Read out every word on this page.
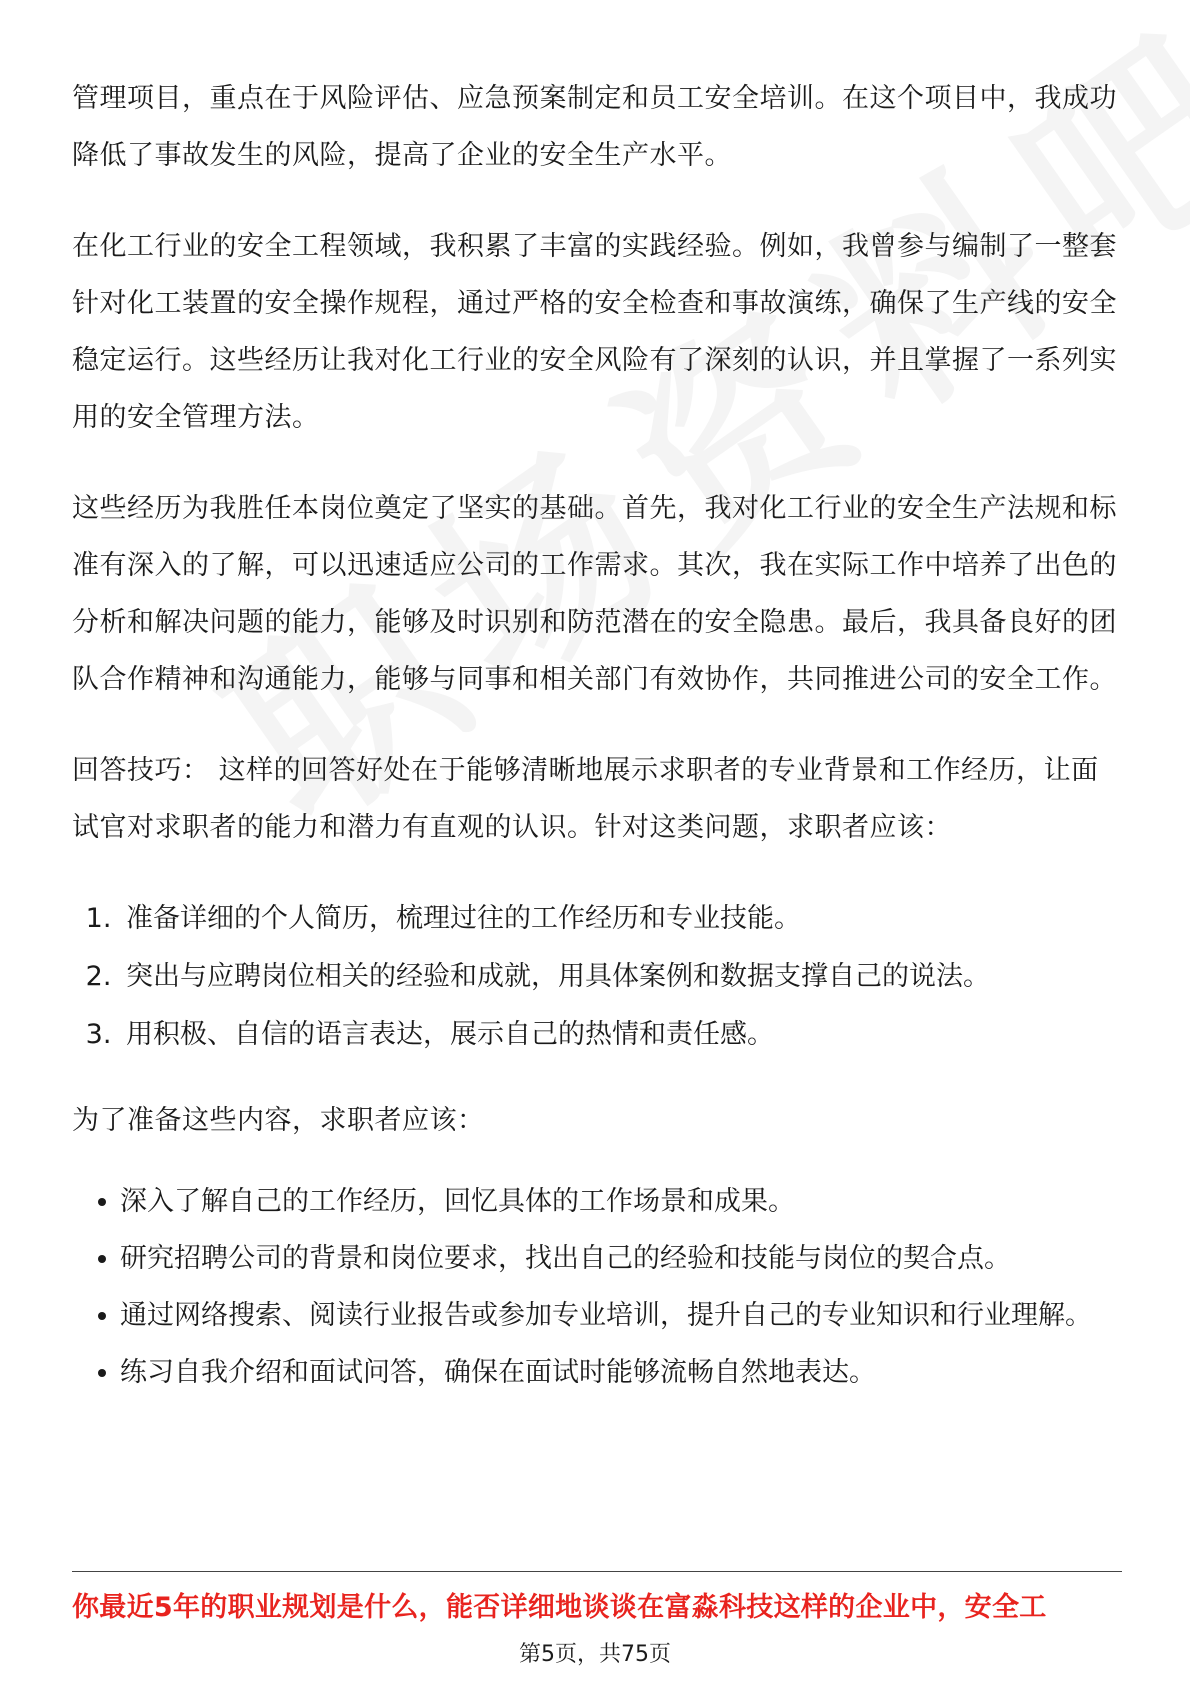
管理项目，重点在于风险评估、应急预案制定和员工安全培训。在这个项目中，我成功降低了事故发生的风险，提高了企业的安全生产水平。

在化工行业的安全工程领域，我积累了丰富的实践经验。例如，我曾参与编制了一整套针对化工装置的安全操作规程，通过严格的安全检查和事故演练，确保了生产线的安全稳定运行。这些经历让我对化工行业的安全风险有了深刻的认识，并且掌握了一系列实用的安全管理方法。

这些经历为我胜任本岗位奠定了坚实的基础。首先，我对化工行业的安全生产法规和标准有深入的了解，可以迅速适应公司的工作需求。其次，我在实际工作中培养了出色的分析和解决问题的能力，能够及时识别和防范潜在的安全隐患。最后，我具备良好的团队合作精神和沟通能力，能够与同事和相关部门有效协作，共同推进公司的安全工作。

回答技巧： 这样的回答好处在于能够清晰地展示求职者的专业背景和工作经历，让面试官对求职者的能力和潜力有直观的认识。针对这类问题，求职者应该：

1. 准备详细的个人简历，梳理过往的工作经历和专业技能。
2. 突出与应聘岗位相关的经验和成就，用具体案例和数据支撑自己的说法。
3. 用积极、自信的语言表达，展示自己的热情和责任感。

为了准备这些内容，求职者应该：

深入了解自己的工作经历，回忆具体的工作场景和成果。
研究招聘公司的背景和岗位要求，找出自己的经验和技能与岗位的契合点。
通过网络搜索、阅读行业报告或参加专业培训，提升自己的专业知识和行业理解。
练习自我介绍和面试问答，确保在面试时能够流畅自然地表达。
你最近5年的职业规划是什么，能否详细地谈谈在富淼科技这样的企业中，安全工
第5页，共75页
